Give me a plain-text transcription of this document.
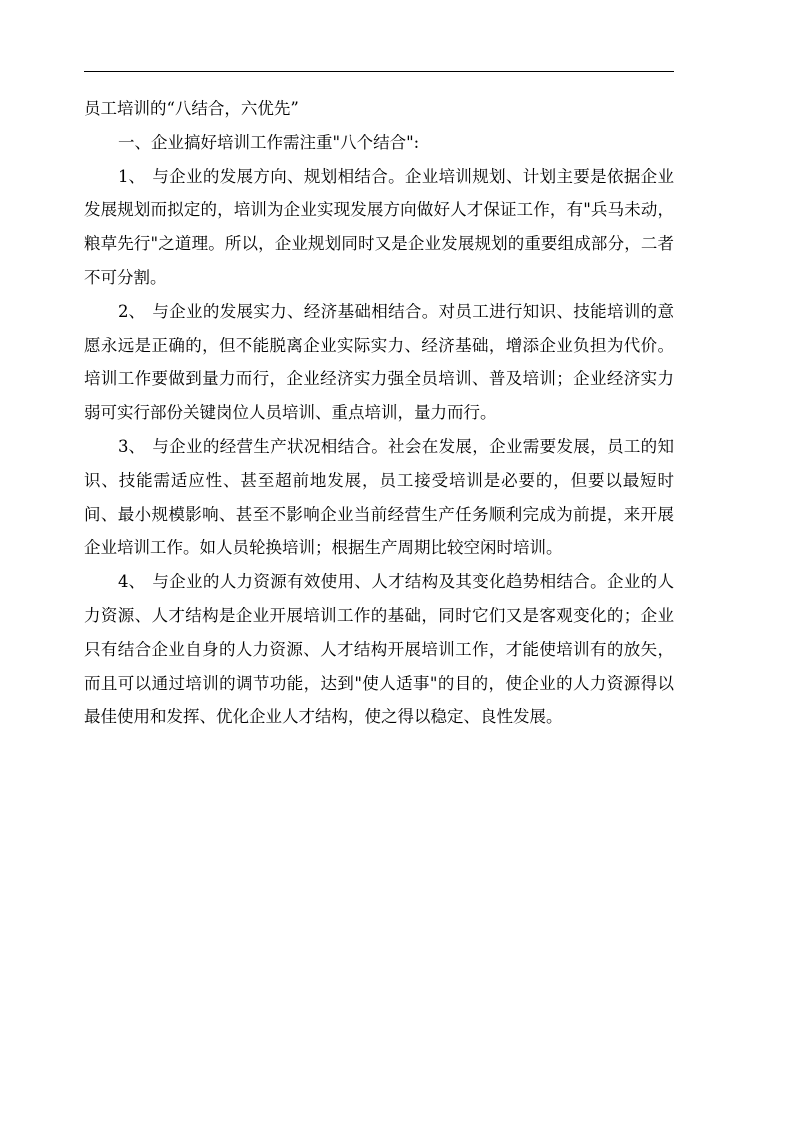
员工培训的“八结合，六优先”

一、企业搞好培训工作需注重"八个结合":

1、 与企业的发展方向、规划相结合。企业培训规划、计划主要是依据企业发展规划而拟定的，培训为企业实现发展方向做好人才保证工作，有"兵马未动，粮草先行"之道理。所以，企业规划同时又是企业发展规划的重要组成部分，二者不可分割。

2、 与企业的发展实力、经济基础相结合。对员工进行知识、技能培训的意愿永远是正确的，但不能脱离企业实际实力、经济基础，增添企业负担为代价。培训工作要做到量力而行，企业经济实力强全员培训、普及培训；企业经济实力弱可实行部份关键岗位人员培训、重点培训，量力而行。

3、 与企业的经营生产状况相结合。社会在发展，企业需要发展，员工的知识、技能需适应性、甚至超前地发展，员工接受培训是必要的，但要以最短时间、最小规模影响、甚至不影响企业当前经营生产任务顺利完成为前提，来开展企业培训工作。如人员轮换培训；根据生产周期比较空闲时培训。

4、 与企业的人力资源有效使用、人才结构及其变化趋势相结合。企业的人力资源、人才结构是企业开展培训工作的基础，同时它们又是客观变化的；企业只有结合企业自身的人力资源、人才结构开展培训工作，才能使培训有的放矢，而且可以通过培训的调节功能，达到"使人适事"的目的，使企业的人力资源得以最佳使用和发挥、优化企业人才结构，使之得以稳定、良性发展。
